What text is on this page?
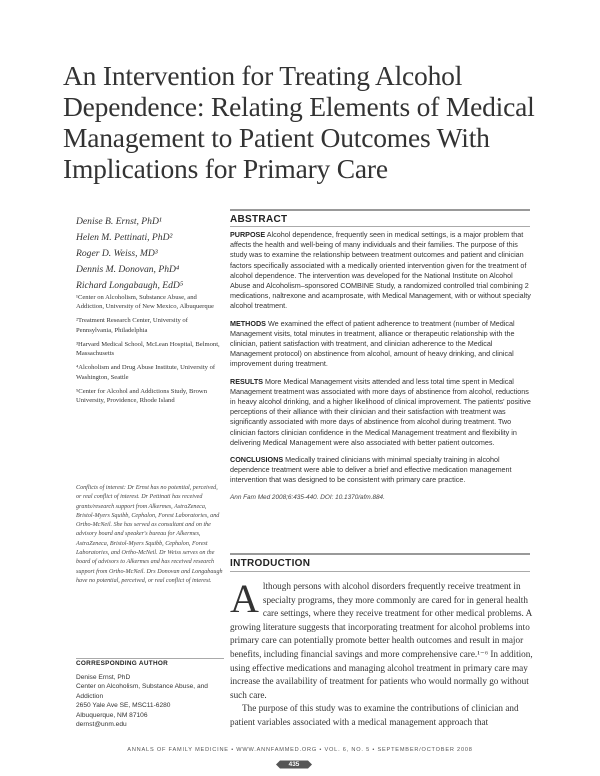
An Intervention for Treating Alcohol
Dependence: Relating Elements of Medical
Management to Patient Outcomes With
Implications for Primary Care
Denise B. Ernst, PhD¹
Helen M. Pettinati, PhD²
Roger D. Weiss, MD³
Dennis M. Donovan, PhD⁴
Richard Longabaugh, EdD⁵
¹Center on Alcoholism, Substance Abuse, and Addiction, University of New Mexico, Albuquerque
²Treatment Research Center, University of Pennsylvania, Philadelphia
³Harvard Medical School, McLean Hospital, Belmont, Massachusetts
⁴Alcoholism and Drug Abuse Institute, University of Washington, Seattle
⁵Center for Alcohol and Addictions Study, Brown University, Providence, Rhode Island
ABSTRACT

PURPOSE Alcohol dependence, frequently seen in medical settings, is a major problem that affects the health and well-being of many individuals and their families. The purpose of this study was to examine the relationship between treatment outcomes and patient and clinician factors specifically associated with a medically oriented intervention given for the treatment of alcohol dependence. The intervention was developed for the National Institute on Alcohol Abuse and Alcoholism–sponsored COMBINE Study, a randomized controlled trial combining 2 medications, naltrexone and acamprosate, with Medical Management, with or without specialty alcohol treatment.

METHODS We examined the effect of patient adherence to treatment (number of Medical Management visits, total minutes in treatment, alliance or therapeutic relationship with the clinician, patient satisfaction with treatment, and clinician adherence to the Medical Management protocol) on abstinence from alcohol, amount of heavy drinking, and clinical improvement during treatment.

RESULTS More Medical Management visits attended and less total time spent in Medical Management treatment was associated with more days of abstinence from alcohol, reductions in heavy alcohol drinking, and a higher likelihood of clinical improvement. The patients' positive perceptions of their alliance with their clinician and their satisfaction with treatment was significantly associated with more days of abstinence from alcohol during treatment. Two clinician factors clinician confidence in the Medical Management treatment and flexibility in delivering Medical Management were also associated with better patient outcomes.

CONCLUSIONS Medically trained clinicians with minimal specialty training in alcohol dependence treatment were able to deliver a brief and effective medication management intervention that was designed to be consistent with primary care practice.

Ann Fam Med 2008;6:435-440. DOI: 10.1370/afm.884.

Conflicts of interest: Dr Ernst has no potential, perceived, or real conflict of interest. Dr Pettinati has received grants/research support from Alkermes, AstraZeneca, Bristol-Myers Squibb, Cephalon, Forest Laboratories, and Ortho-McNeil. She has served as consultant and on the advisory board and speaker's bureau for Alkermes, AstraZeneca, Bristol-Myers Squibb, Cephalon, Forest Laboratories, and Ortho-McNeil. Dr Weiss serves on the board of advisors to Alkermes and has received research support from Ortho-McNeil. Drs Donovan and Longabaugh have no potential, perceived, or real conflict of interest.
CORRESPONDING AUTHOR
Denise Ernst, PhD
Center on Alcoholism, Substance Abuse, and Addiction
2650 Yale Ave SE, MSC11-6280
Albuquerque, NM 87106
dernst@unm.edu
INTRODUCTION

Although persons with alcohol disorders frequently receive treatment in specialty programs, they more commonly are cared for in general health care settings, where they receive treatment for other medical problems. A growing literature suggests that incorporating treatment for alcohol problems into primary care can potentially promote better health outcomes and result in major benefits, including financial savings and more comprehensive care.¹⁻⁶ In addition, using effective medications and managing alcohol treatment in primary care may increase the availability of treatment for patients who would normally go without such care.

The purpose of this study was to examine the contributions of clinician and patient variables associated with a medical management approach that

ANNALS OF FAMILY MEDICINE • WWW.ANNFAMMED.ORG • VOL. 6, NO. 5 • SEPTEMBER/OCTOBER 2008
435
